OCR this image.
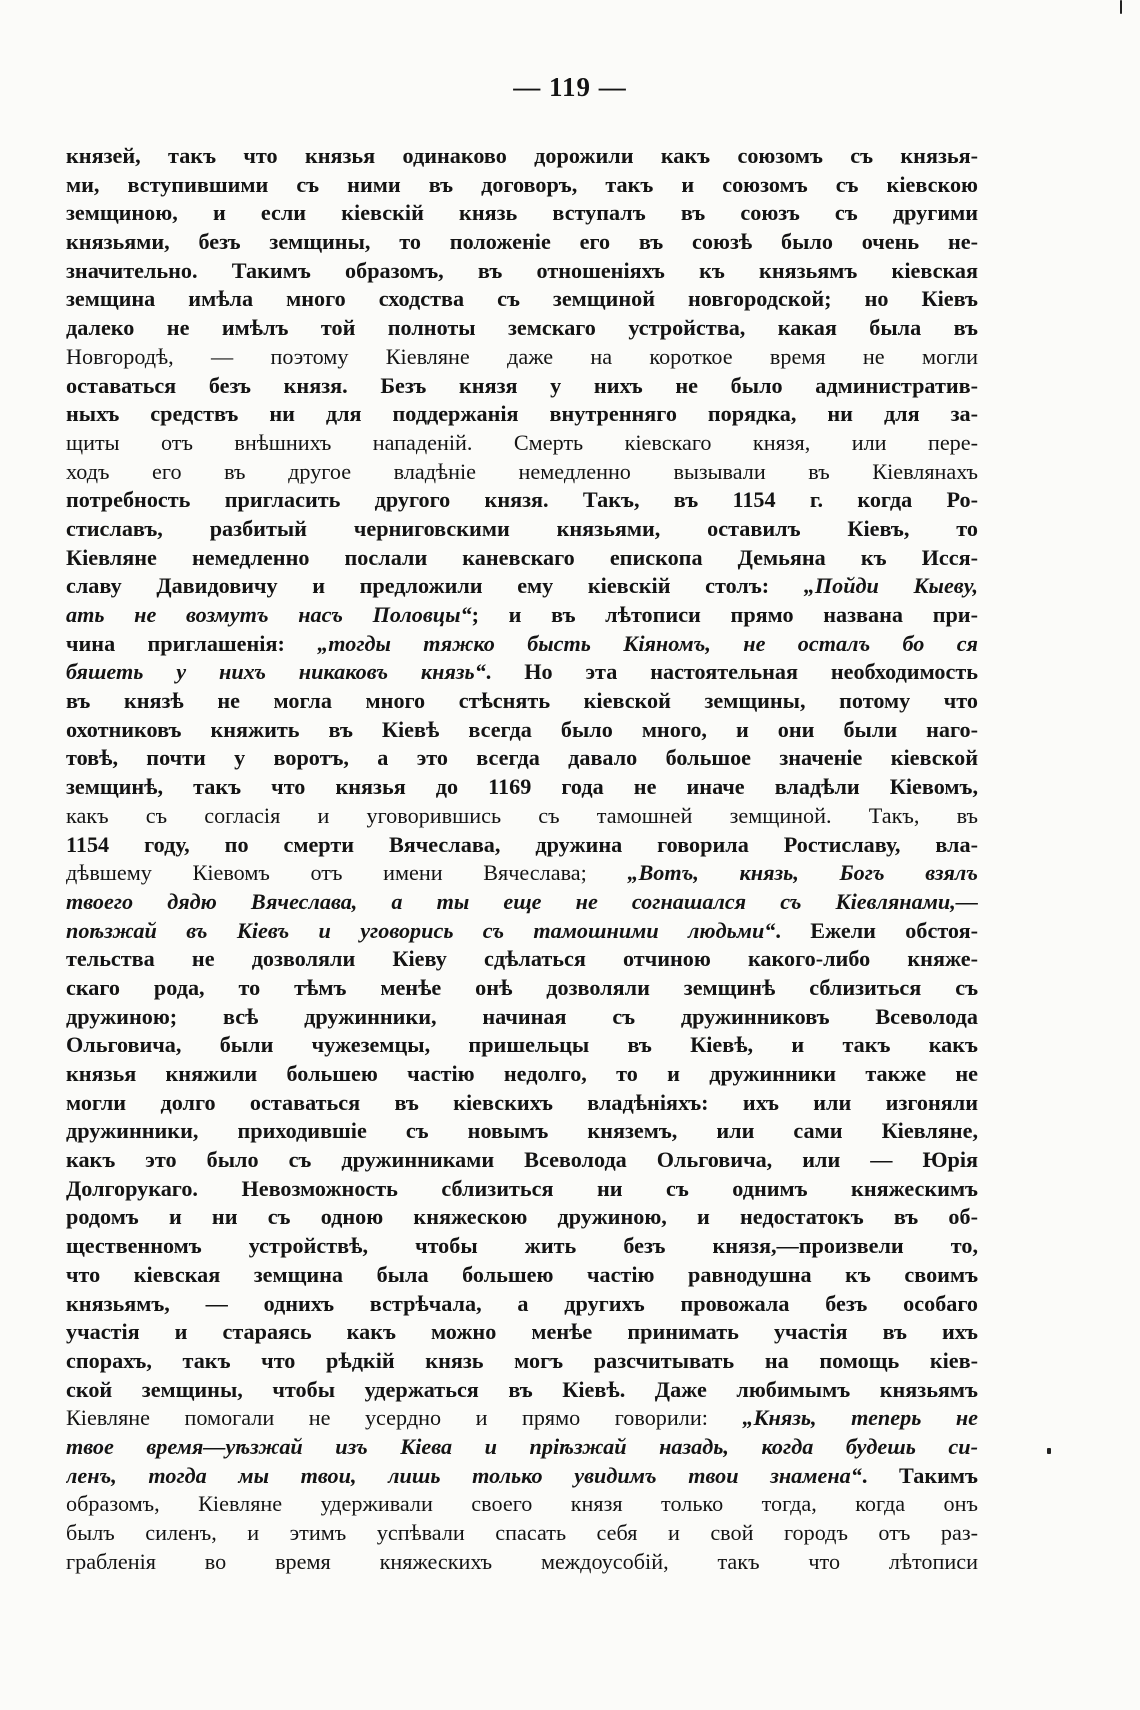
— 119 —
князей, такъ что князья одинаково дорожили какъ союзомъ съ князья-
ми, вступившими съ ними въ договоръ, такъ и союзомъ съ кіевскою
земщиною, и если кіевскій князь вступалъ въ союзъ съ другими
князьями, безъ земщины, то положеніе его въ союзѣ было очень не-
значительно. Такимъ образомъ, въ отношеніяхъ къ князьямъ кіевская
земщина имѣла много сходства съ земщиной новгородской; но Кіевъ
далеко не имѣлъ той полноты земскаго устройства, какая была въ
Новгородѣ, — поэтому Кіевляне даже на короткое время не могли
оставаться безъ князя. Безъ князя у нихъ не было административ-
ныхъ средствъ ни для поддержанія внутренняго порядка, ни для за-
щиты отъ внѣшнихъ нападеній. Смерть кіевскаго князя, или пере-
ходъ его въ другое владѣніе немедленно вызывали въ Кіевлянахъ
потребность пригласить другого князя. Такъ, въ 1154 г. когда Ро-
стиславъ, разбитый черниговскими князьями, оставилъ Кіевъ, то
Кіевляне немедленно послали каневскаго епископа Демьяна къ Исся-
славу Давидовичу и предложили ему кіевскій столъ: „Пойди Кыеву,
ать не возмутъ насъ Половцы“; и въ лѣтописи прямо названа при-
чина приглашенія: „тогды тяжко бысть Кіяномъ, не осталъ бо ся
бяшеть у нихъ никаковъ князь“. Но эта настоятельная необходимость
въ князѣ не могла много стѣснять кіевской земщины, потому что
охотниковъ княжить въ Кіевѣ всегда было много, и они были наго-
товѣ, почти у воротъ, а это всегда давало большое значеніе кіевской
земщинѣ, такъ что князья до 1169 года не иначе владѣли Кіевомъ,
какъ съ согласія и уговорившись съ тамошней земщиной. Такъ, въ
1154 году, по смерти Вячеслава, дружина говорила Ростиславу, вла-
дѣвшему Кіевомъ отъ имени Вячеслава; „Вотъ, князь, Богъ взялъ
твоего дядю Вячеслава, а ты еще не согнашался съ Кіевлянами,—
поѣзжай въ Кіевъ и уговорись съ тамошними людьми“. Ежели обстоя-
тельства не дозволяли Кіеву сдѣлаться отчиною какого-либо княже-
скаго рода, то тѣмъ менѣе онѣ дозволяли земщинѣ сблизиться съ
дружиною; всѣ дружинники, начиная съ дружинниковъ Всеволода
Ольговича, были чужеземцы, пришельцы въ Кіевѣ, и такъ какъ
князья княжили большею частію недолго, то и дружинники также не
могли долго оставаться въ кіевскихъ владѣніяхъ: ихъ или изгоняли
дружинники, приходившіе съ новымъ княземъ, или сами Кіевляне,
какъ это было съ дружинниками Всеволода Ольговича, или — Юрія
Долгорукаго. Невозможность сблизиться ни съ однимъ княжескимъ
родомъ и ни съ одною княжескою дружиною, и недостатокъ въ об-
щественномъ устройствѣ, чтобы жить безъ князя,—произвели то,
что кіевская земщина была большею частію равнодушна къ своимъ
князьямъ, — однихъ встрѣчала, а другихъ провожала безъ особаго
участія и стараясь какъ можно менѣе принимать участія въ ихъ
спорахъ, такъ что рѣдкій князь могъ разсчитывать на помощь кіев-
ской земщины, чтобы удержаться въ Кіевѣ. Даже любимымъ князьямъ
Кіевляне помогали не усердно и прямо говорили: „Князь, теперь не
твое время—уѣзжай изъ Кіева и пріѣзжай назадь, когда будешь си-
ленъ, тогда мы твои, лишь только увидимъ твои знамена“. Такимъ
образомъ, Кіевляне удерживали своего князя только тогда, когда онъ
былъ силенъ, и этимъ успѣвали спасать себя и свой городъ отъ раз-
грабленія во время княжескихъ междоусобій, такъ что лѣтописи
